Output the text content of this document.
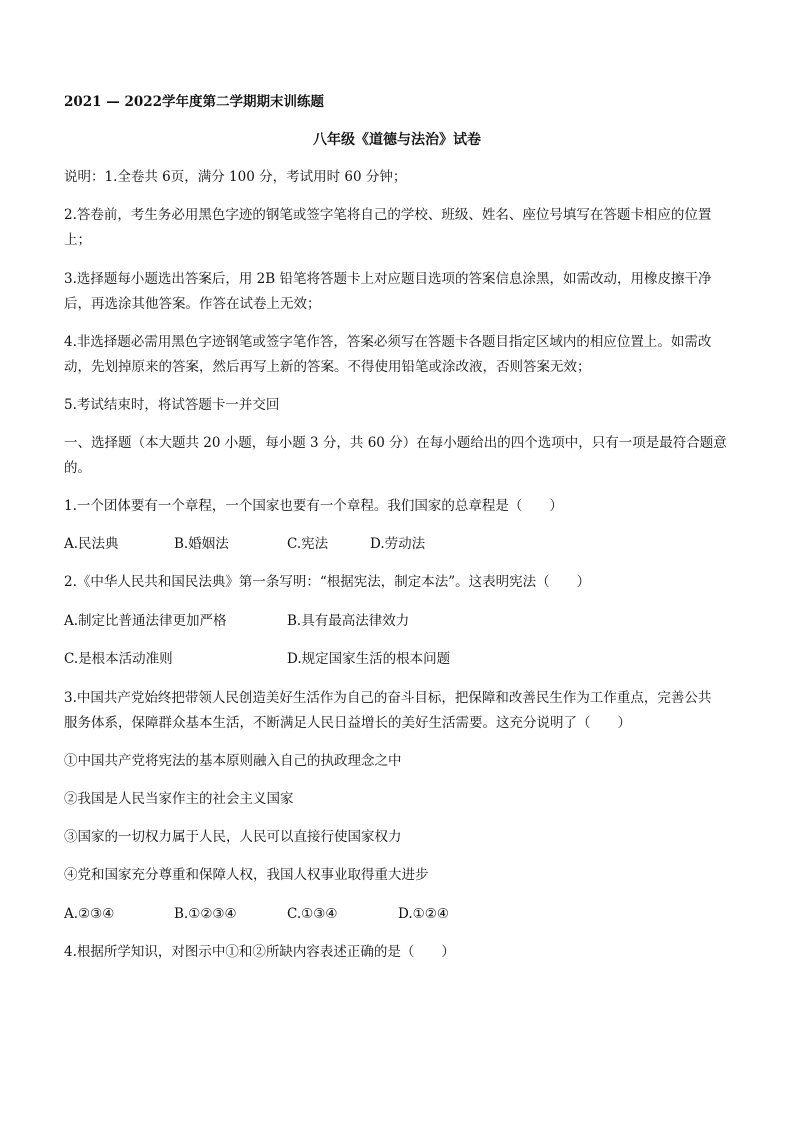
2021 — 2022学年度第二学期期末训练题
八年级《道德与法治》试卷
说明：1.全卷共 6页，满分 100 分，考试用时 60 分钟；
2.答卷前，考生务必用黑色字迹的钢笔或签字笔将自己的学校、班级、姓名、座位号填写在答题卡相应的位置
上；
3.选择题每小题选出答案后，用 2B 铅笔将答题卡上对应题目选项的答案信息涂黑，如需改动，用橡皮擦干净
后，再选涂其他答案。作答在试卷上无效；
4.非选择题必需用黑色字迹钢笔或签字笔作答，答案必须写在答题卡各题目指定区域内的相应位置上。如需改
动，先划掉原来的答案，然后再写上新的答案。不得使用铅笔或涂改液，否则答案无效；
5.考试结束时，将试答题卡一并交回
一、选择题（本大题共 20 小题，每小题 3 分，共 60 分）在每小题给出的四个选项中，只有一项是最符合题意
的。
1.一个团体要有一个章程，一个国家也要有一个章程。我们国家的总章程是（　　）
A.民法典	B.婚姻法	C.宪法	D.劳动法
2.《中华人民共和国民法典》第一条写明：“根据宪法，制定本法”。这表明宪法（　　）
A.制定比普通法律更加严格	B.具有最高法律效力
C.是根本活动准则	D.规定国家生活的根本问题
3.中国共产党始终把带领人民创造美好生活作为自己的奋斗目标，把保障和改善民生作为工作重点，完善公共
服务体系，保障群众基本生活，不断满足人民日益增长的美好生活需要。这充分说明了（　　）
①中国共产党将宪法的基本原则融入自己的执政理念之中
②我国是人民当家作主的社会主义国家
③国家的一切权力属于人民，人民可以直接行使国家权力
④党和国家充分尊重和保障人权，我国人权事业取得重大进步
A.②③④	B.①②③④	C.①③④	D.①②④
4.根据所学知识，对图示中①和②所缺内容表述正确的是（　　）
